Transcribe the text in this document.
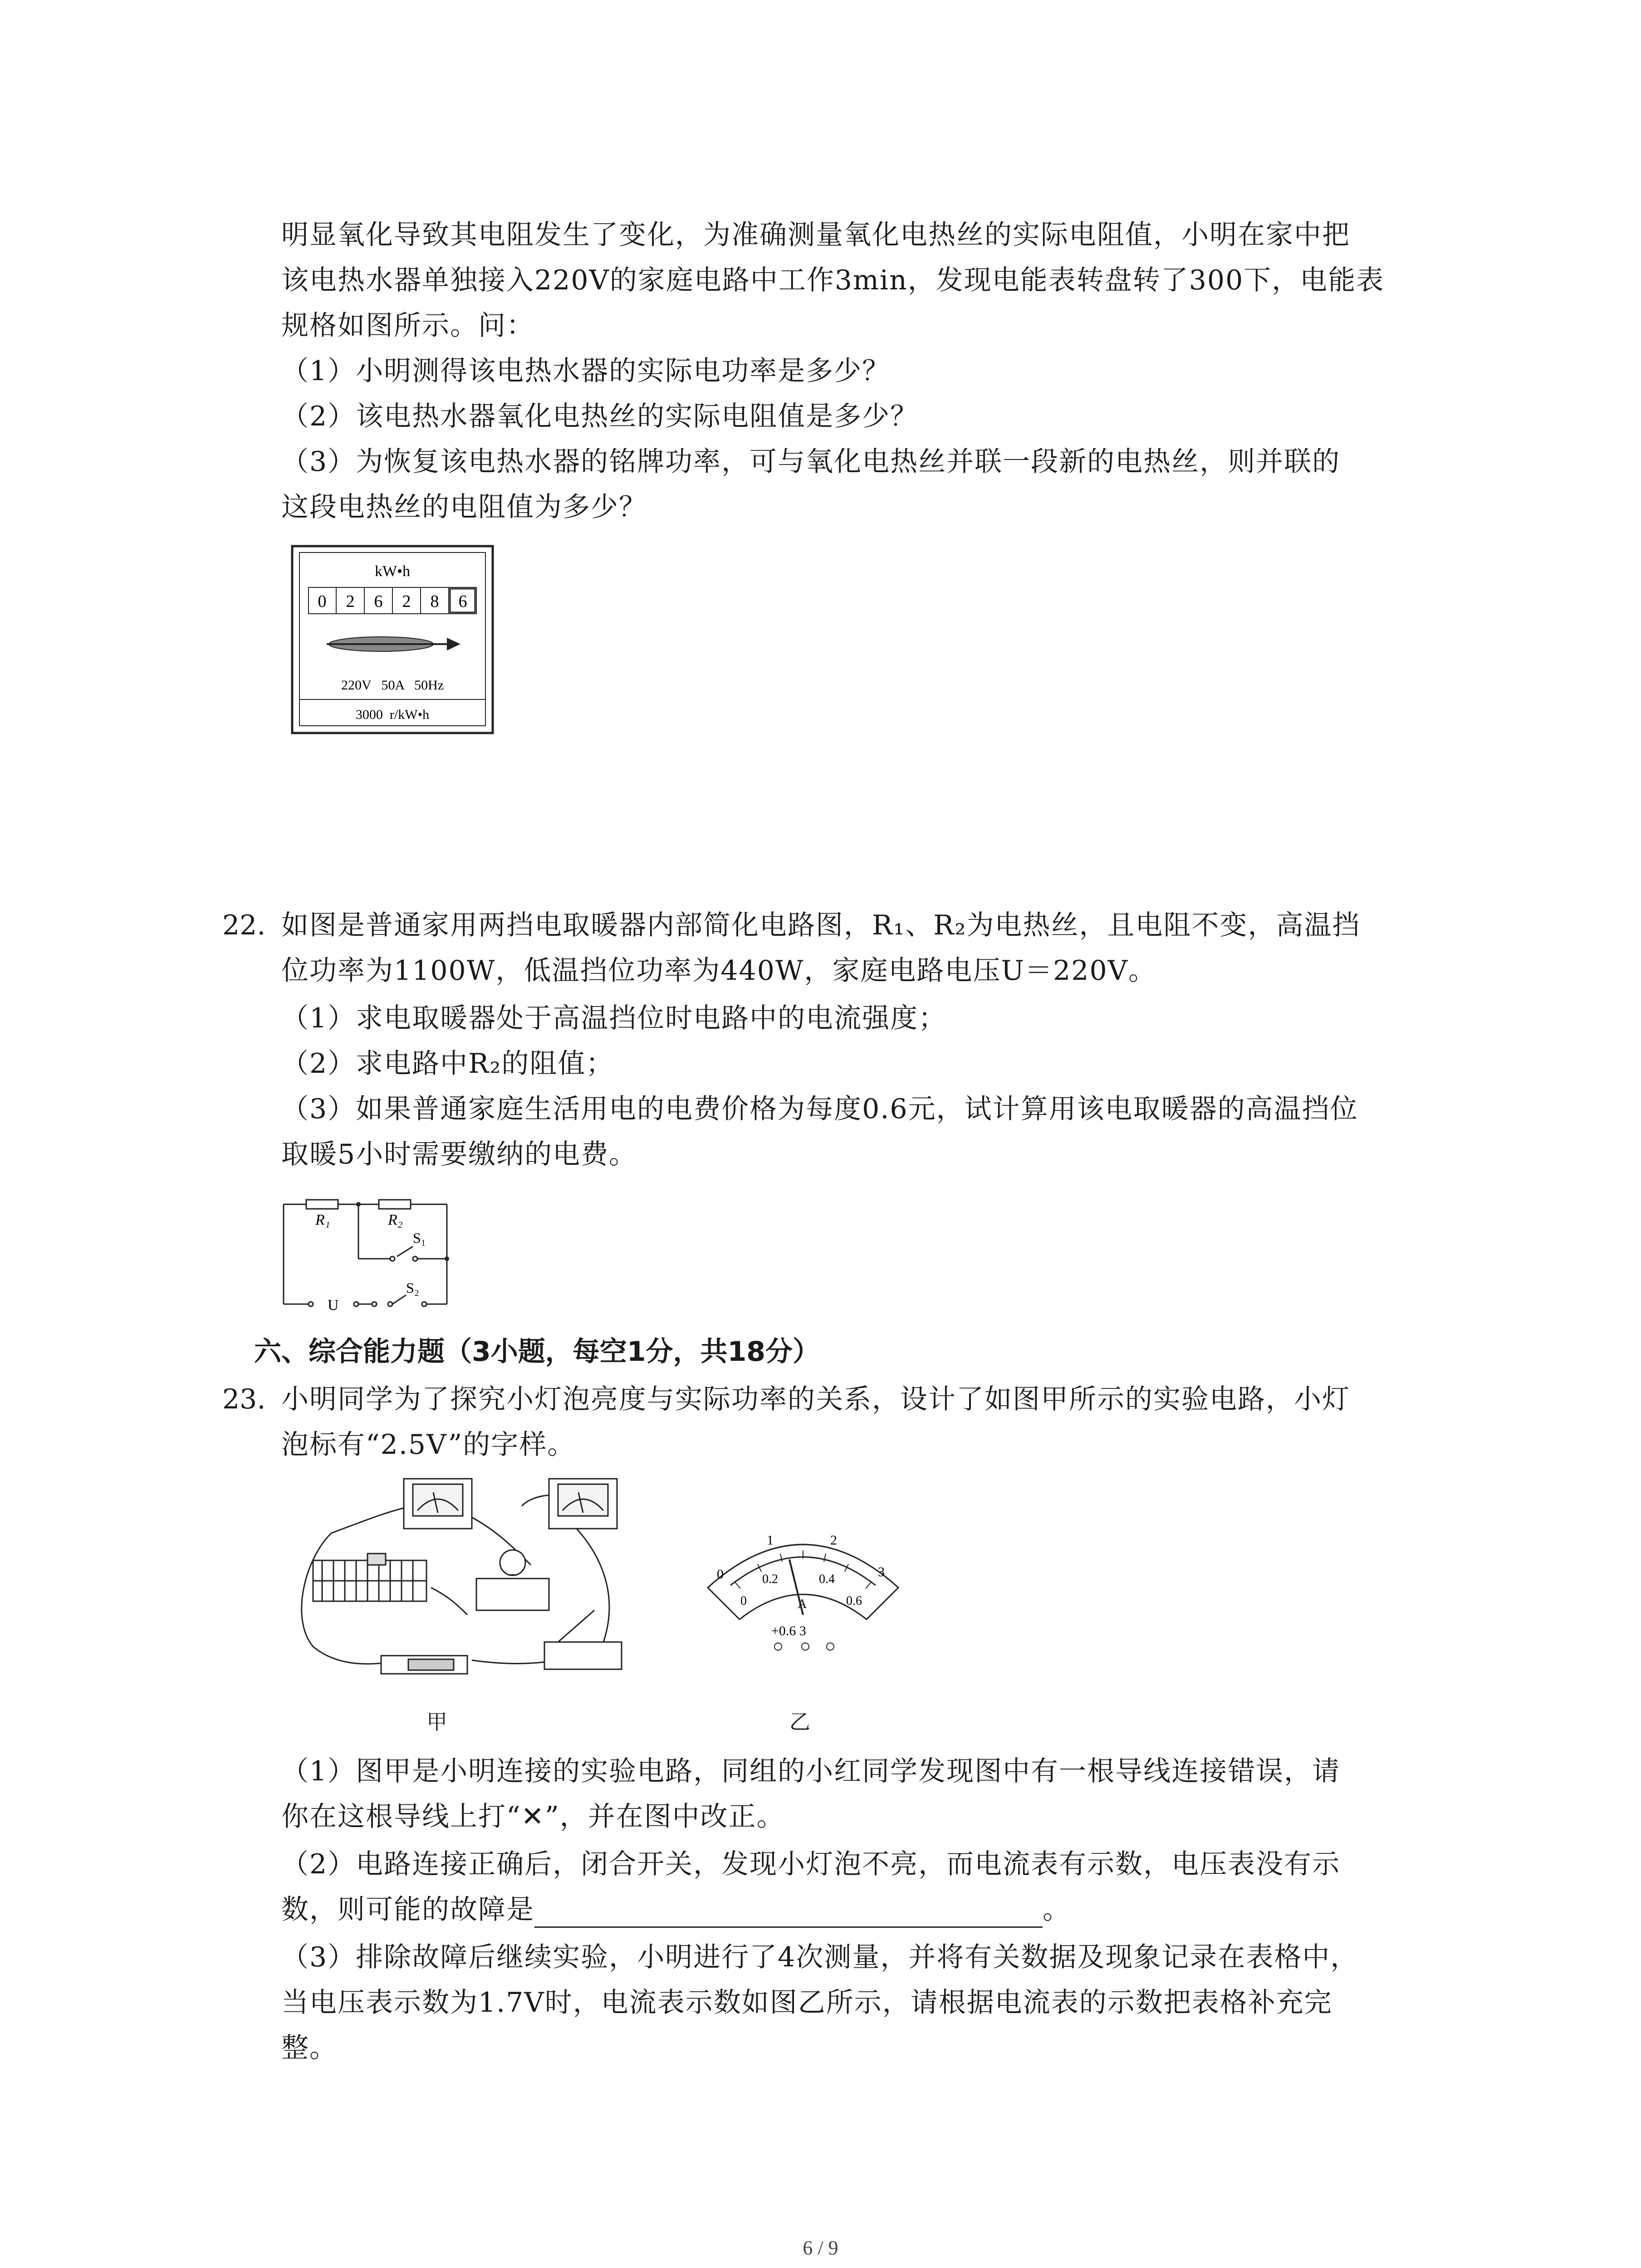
明显氧化导致其电阻发生了变化，为准确测量氧化电热丝的实际电阻值，小明在家中把
该电热水器单独接入220V的家庭电路中工作3min，发现电能表转盘转了300下，电能表
规格如图所示。问：
（1）小明测得该电热水器的实际电功率是多少？
（2）该电热水器氧化电热丝的实际电阻值是多少？
（3）为恢复该电热水器的铭牌功率，可与氧化电热丝并联一段新的电热丝，则并联的
这段电热丝的电阻值为多少？
kW•h
0 2 6 2 8 6
220V   50A   50Hz
3000  r/kW•h
22. 如图是普通家用两挡电取暖器内部简化电路图，R₁、R₂为电热丝，且电阻不变，高温挡
位功率为1100W，低温挡位功率为440W，家庭电路电压U＝220V。
（1）求电取暖器处于高温挡位时电路中的电流强度；
（2）求电路中R₂的阻值；
（3）如果普通家庭生活用电的电费价格为每度0.6元，试计算用该电取暖器的高温挡位
取暖5小时需要缴纳的电费。
R₁	R₂
S₁
S₂
U
六、综合能力题（3小题，每空1分，共18分）
23. 小明同学为了探究小灯泡亮度与实际功率的关系，设计了如图甲所示的实验电路，小灯
泡标有“2.5V”的字样。
0
1	2
3
0
0.2	0.4
0.6
A
+0.6 3
甲	乙
（1）图甲是小明连接的实验电路，同组的小红同学发现图中有一根导线连接错误，请
你在这根导线上打“✕”，并在图中改正。
（2）电路连接正确后，闭合开关，发现小灯泡不亮，而电流表有示数，电压表没有示
数，则可能的故障是	。
（3）排除故障后继续实验，小明进行了4次测量，并将有关数据及现象记录在表格中，
当电压表示数为1.7V时，电流表示数如图乙所示，请根据电流表的示数把表格补充完
整。
6 / 9
